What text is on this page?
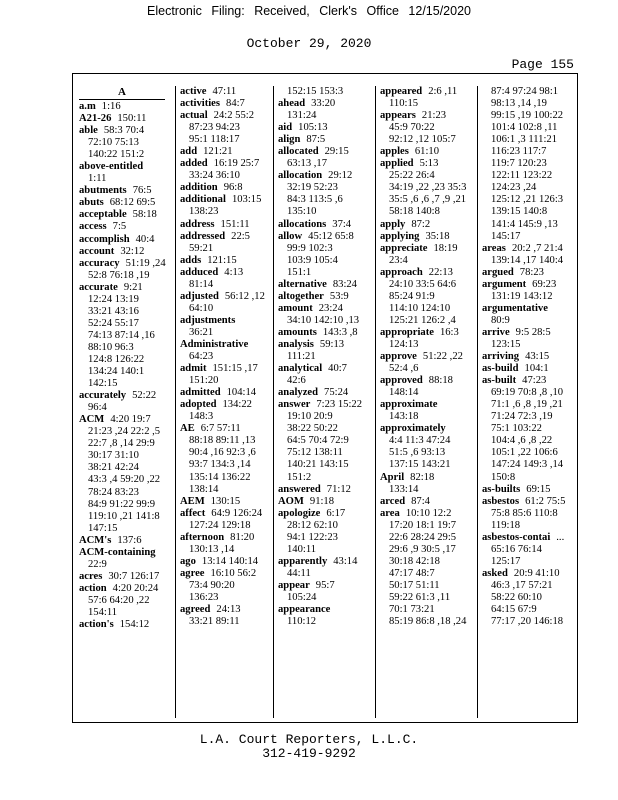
Electronic Filing: Received, Clerk's Office 12/15/2020
October 29, 2020
Page 155
A
a.m 1:16
A21-26 150:11
able 58:3 70:4
72:10 75:13
140:22 151:2
above-entitled
1:11
abutments 76:5
abuts 68:12 69:5
acceptable 58:18
access 7:5
accomplish 40:4
account 32:12
accuracy 51:19 ,24
52:8 76:18 ,19
accurate 9:21
12:24 13:19
33:21 43:16
52:24 55:17
74:13 87:14 ,16
88:10 96:3
124:8 126:22
134:24 140:1
142:15
accurately 52:22
96:4
ACM 4:20 19:7
21:23 ,24 22:2 ,5
22:7 ,8 ,14 29:9
30:17 31:10
38:21 42:24
43:3 ,4 59:20 ,22
78:24 83:23
84:9 91:22 99:9
119:10 ,21 141:8
147:15
ACM's 137:6
ACM-containing
22:9
acres 30:7 126:17
action 4:20 20:24
57:6 64:20 ,22
154:11
action's 154:12
active 47:11
activities 84:7
actual 24:2 55:2
87:23 94:23
95:1 118:17
add 121:21
added 16:19 25:7
33:24 36:10
addition 96:8
additional 103:15
138:23
address 151:11
addressed 22:5
59:21
adds 121:15
adduced 4:13
81:14
adjusted 56:12 ,12
64:10
adjustments
36:21
Administrative
64:23
admit 151:15 ,17
151:20
admitted 104:14
adopted 134:22
148:3
AE 6:7 57:11
88:18 89:11 ,13
90:4 ,16 92:3 ,6
93:7 134:3 ,14
135:14 136:22
138:14
AEM 130:15
affect 64:9 126:24
127:24 129:18
afternoon 81:20
130:13 ,14
ago 13:14 140:14
agree 16:10 56:2
73:4 90:20
136:23
agreed 24:13
33:21 89:11
152:15 153:3
ahead 33:20
131:24
aid 105:13
align 87:5
allocated 29:15
63:13 ,17
allocation 29:12
32:19 52:23
84:3 113:5 ,6
135:10
allocations 37:4
allow 45:12 65:8
99:9 102:3
103:9 105:4
151:1
alternative 83:24
altogether 53:9
amount 23:24
34:10 142:10 ,13
amounts 143:3 ,8
analysis 59:13
111:21
analytical 40:7
42:6
analyzed 75:24
answer 7:23 15:22
19:10 20:9
38:22 50:22
64:5 70:4 72:9
75:12 138:11
140:21 143:15
151:2
answered 71:12
AOM 91:18
apologize 6:17
28:12 62:10
94:1 122:23
140:11
apparently 43:14
44:11
appear 95:7
105:24
appearance
110:12
appeared 2:6 ,11
110:15
appears 21:23
45:9 70:22
92:12 ,12 105:7
apples 61:10
applied 5:13
25:22 26:4
34:19 ,22 ,23 35:3
35:5 ,6 ,6 ,7 ,9 ,21
58:18 140:8
apply 87:2
applying 35:18
appreciate 18:19
23:4
approach 22:13
24:10 33:5 64:6
85:24 91:9
114:10 124:10
125:21 126:2 ,4
appropriate 16:3
124:13
approve 51:22 ,22
52:4 ,6
approved 88:18
148:14
approximate
143:18
approximately
4:4 11:3 47:24
51:5 ,6 93:13
137:15 143:21
April 82:18
133:14
arced 87:4
area 10:10 12:2
17:20 18:1 19:7
22:6 28:24 29:5
29:6 ,9 30:5 ,17
30:18 42:18
47:17 48:7
50:17 51:11
59:22 61:3 ,11
70:1 73:21
85:19 86:8 ,18 ,24
87:4 97:24 98:1
98:13 ,14 ,19
99:15 ,19 100:22
101:4 102:8 ,11
106:1 ,3 111:21
116:23 117:7
119:7 120:23
122:11 123:22
124:23 ,24
125:12 ,21 126:3
139:15 140:8
141:4 145:9 ,13
145:17
areas 20:2 ,7 21:4
139:14 ,17 140:4
argued 78:23
argument 69:23
131:19 143:12
argumentative
80:9
arrive 9:5 28:5
123:15
arriving 43:15
as-build 104:1
as-built 47:23
69:19 70:8 ,8 ,10
71:1 ,6 ,8 ,19 ,21
71:24 72:3 ,19
75:1 103:22
104:4 ,6 ,8 ,22
105:1 ,22 106:6
147:24 149:3 ,14
150:8
as-builts 69:15
asbestos 61:2 75:5
75:8 85:6 110:8
119:18
asbestos-contai ...
65:16 76:14
125:17
asked 20:9 41:10
46:3 ,17 57:21
58:22 60:10
64:15 67:9
77:17 ,20 146:18
L.A. Court Reporters, L.L.C.
312-419-9292
